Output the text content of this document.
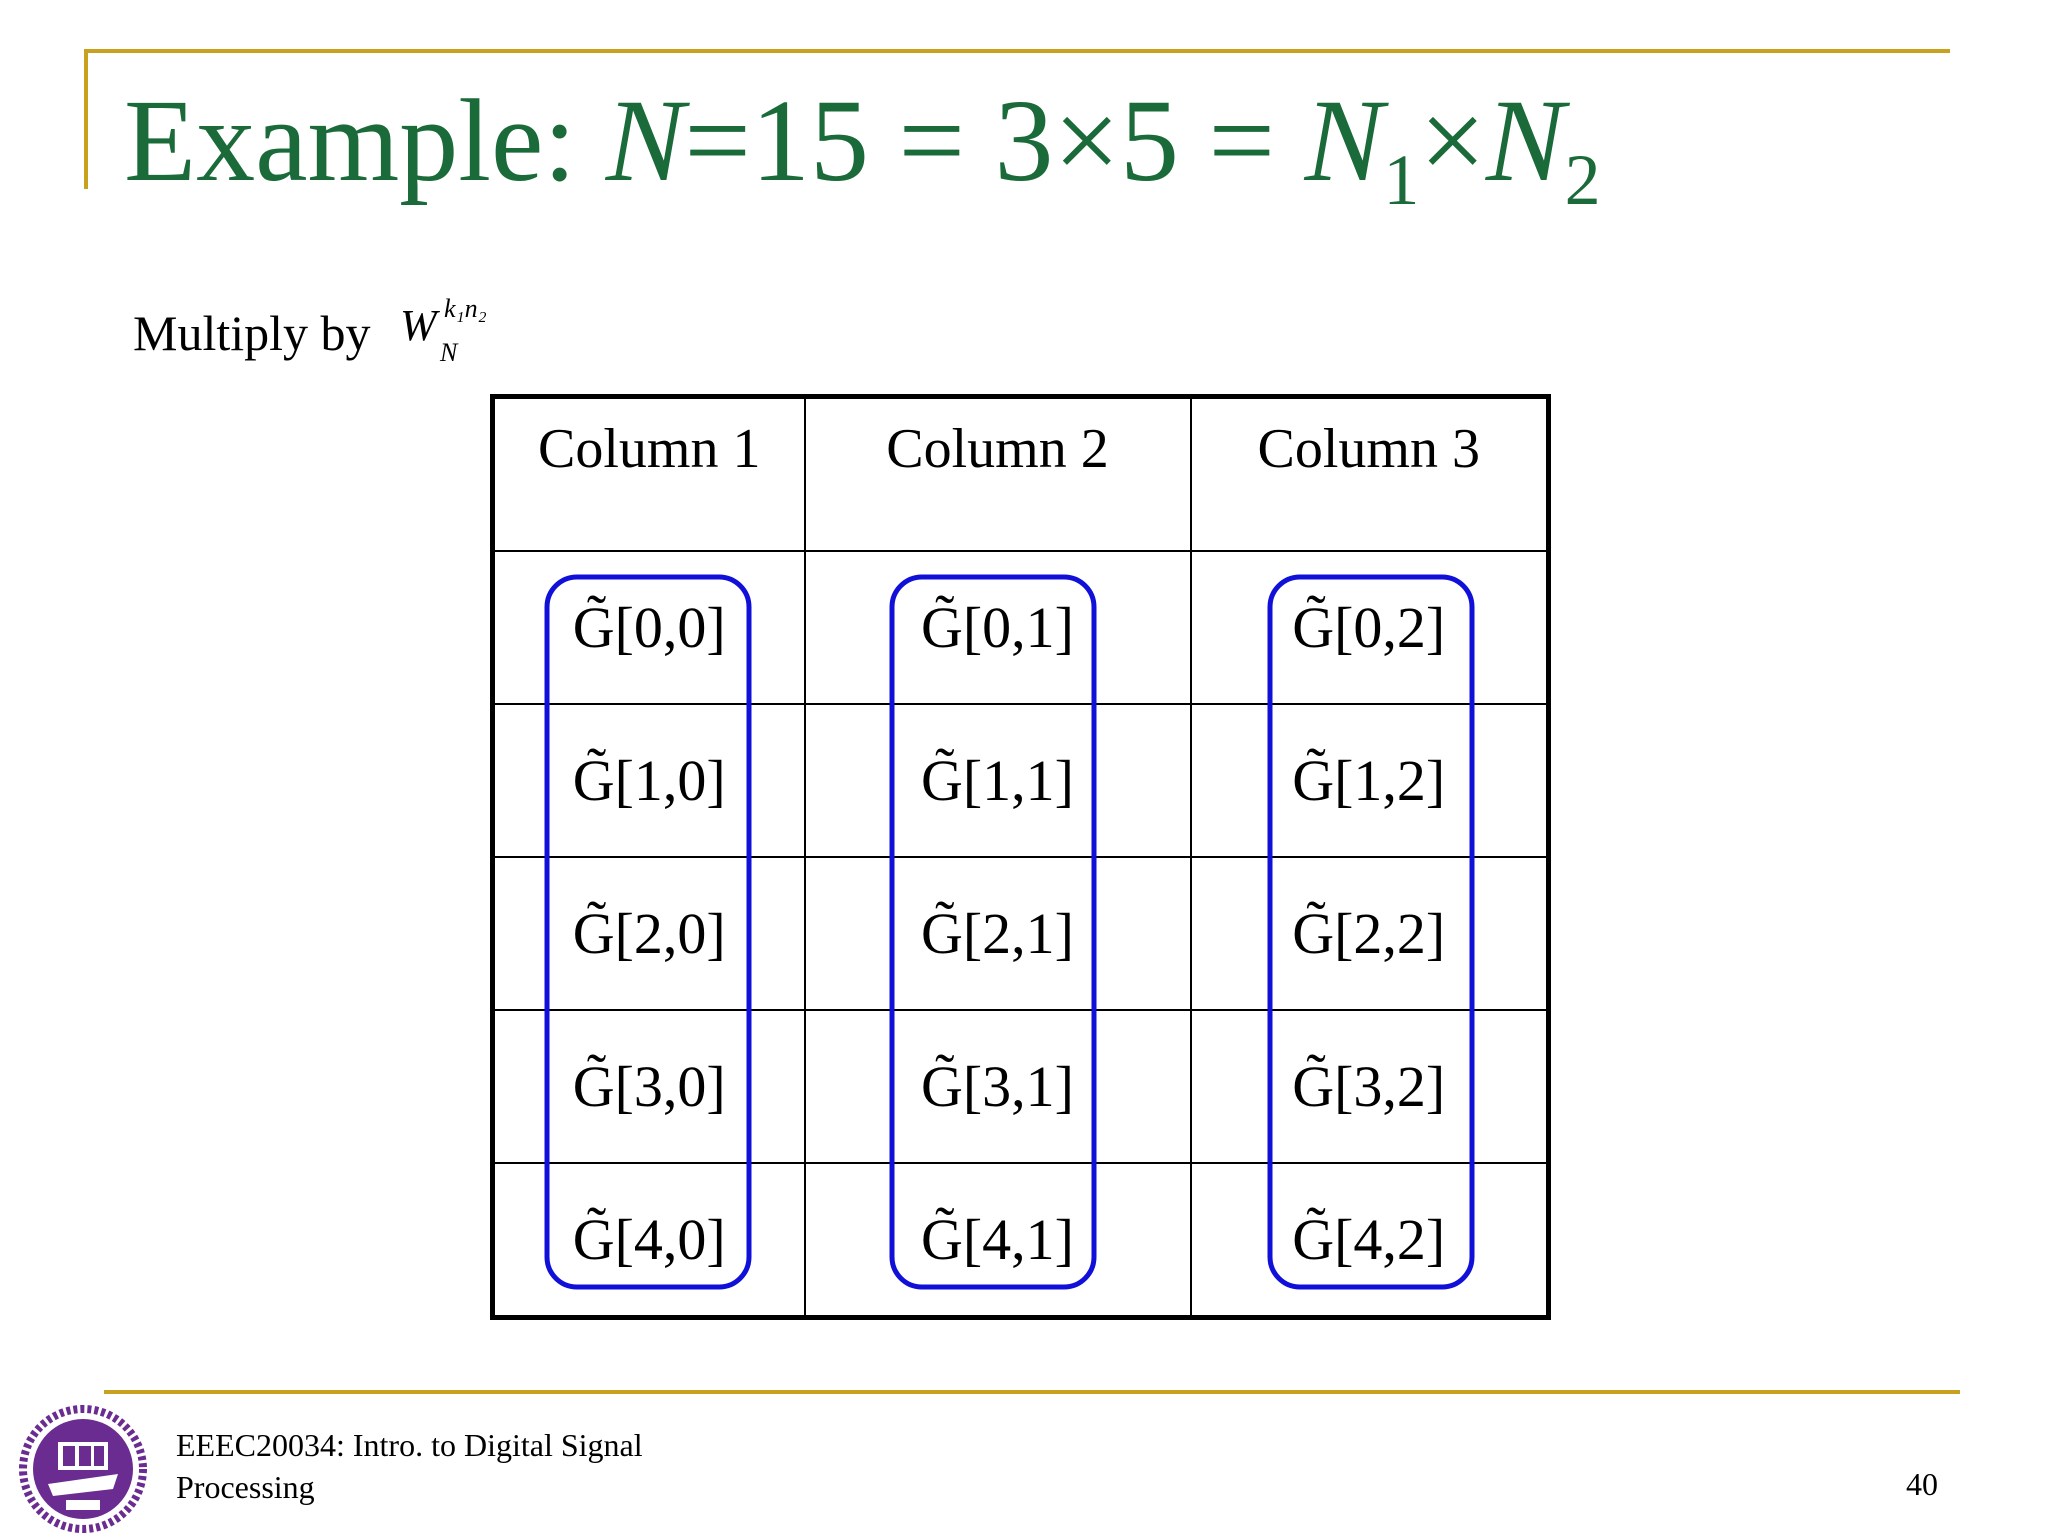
Example: $N=15 = 3\times 5 = N_1\times N_2$
Multiply by W k₁n₂
N
Column 1	Column 2	Column 3
G̃[0,0]	G̃[0,1]	G̃[0,2]
G̃[1,0]	G̃[1,1]	G̃[1,2]
G̃[2,0]	G̃[2,1]	G̃[2,2]
G̃[3,0]	G̃[3,1]	G̃[3,2]
G̃[4,0]	G̃[4,1]	G̃[4,2]
EEEC20034: Intro. to Digital Signal
Processing	40
